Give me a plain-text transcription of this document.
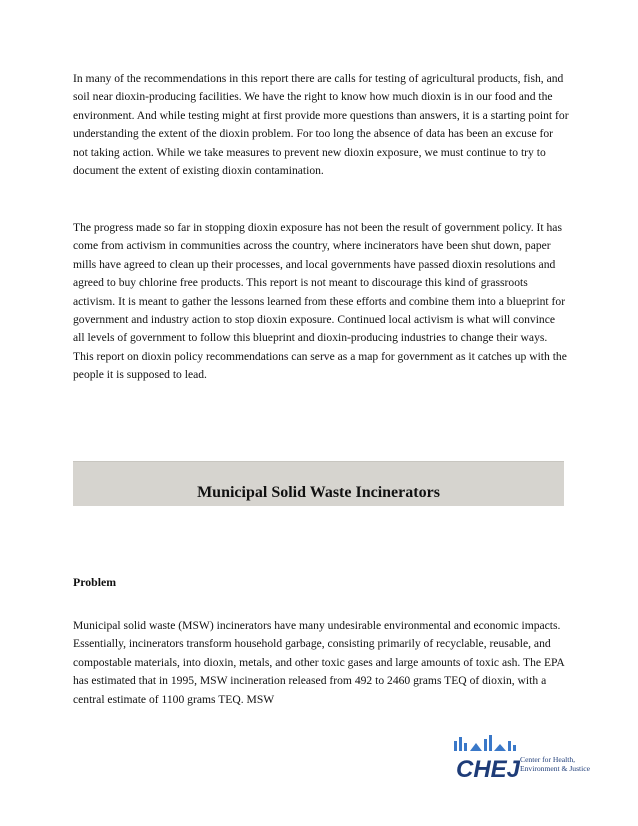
In many of the recommendations in this report there are calls for testing of agricultural products, fish, and soil near dioxin-producing facilities. We have the right to know how much dioxin is in our food and the environment. And while testing might at first provide more questions than answers, it is a starting point for understanding the extent of the dioxin problem. For too long the absence of data has been an excuse for not taking action. While we take measures to prevent new dioxin exposure, we must continue to try to document the extent of existing dioxin contamination.

The progress made so far in stopping dioxin exposure has not been the result of government policy. It has come from activism in communities across the country, where incinerators have been shut down, paper mills have agreed to clean up their processes, and local governments have passed dioxin resolutions and agreed to buy chlorine free products. This report is not meant to discourage this kind of grassroots activism. It is meant to gather the lessons learned from these efforts and combine them into a blueprint for government and industry action to stop dioxin exposure. Continued local activism is what will convince all levels of government to follow this blueprint and dioxin-producing industries to change their ways. This report on dioxin policy recommendations can serve as a map for government as it catches up with the people it is supposed to lead.

Municipal Solid Waste Incinerators

Problem

Municipal solid waste (MSW) incinerators have many undesirable environmental and economic impacts. Essentially, incinerators transform household garbage, consisting primarily of recyclable, reusable, and compostable materials, into dioxin, metals, and other toxic gases and large amounts of toxic ash. The EPA has estimated that in 1995, MSW incineration released from 492 to 2460 grams TEQ of dioxin, with a central estimate of 1100 grams TEQ. MSW

CHEJ Center for Health,
Environment & Justice
